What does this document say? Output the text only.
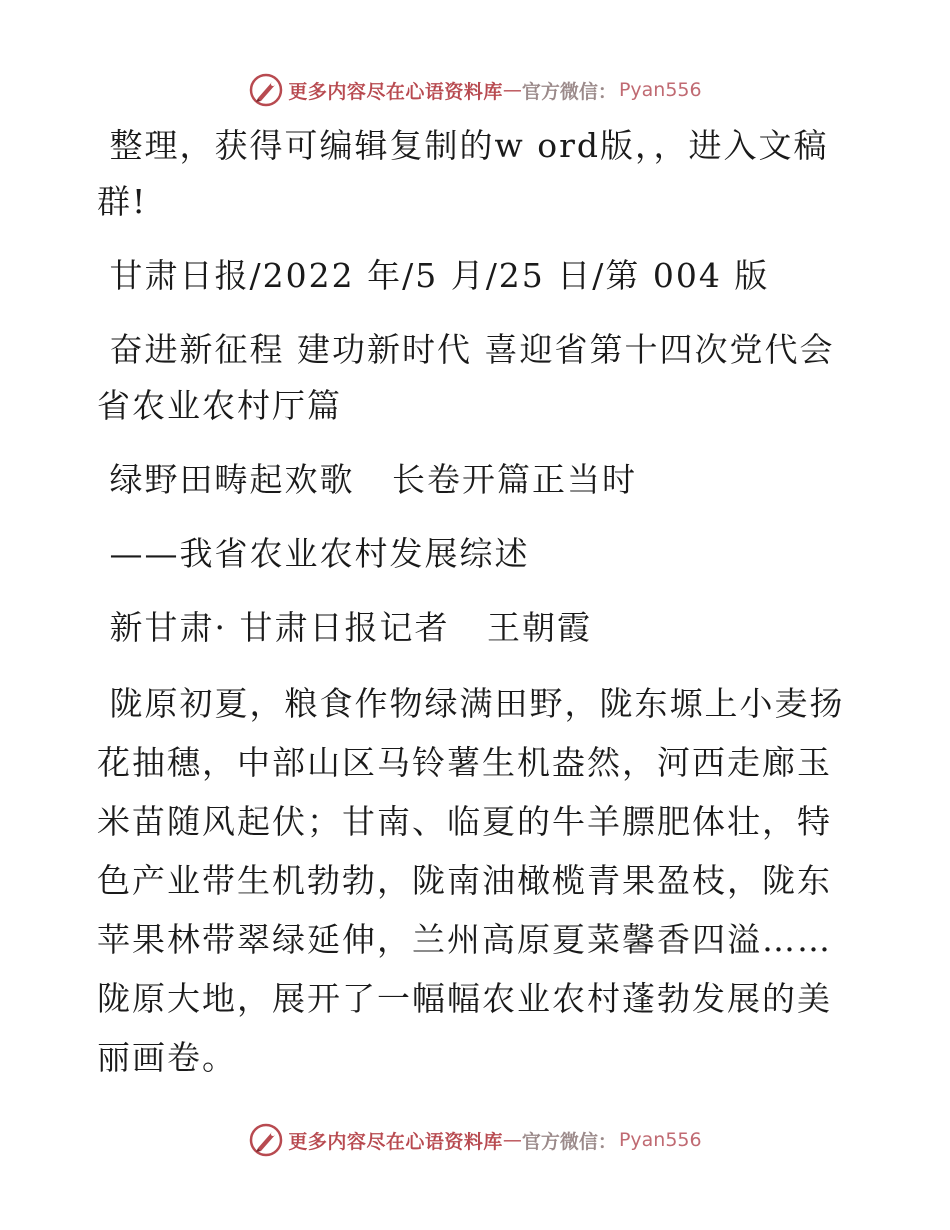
更多内容尽在心语资料库 — 官方微信： Pyan556

整理，获得可编辑复制的w ord版，，进入文稿群!

甘肃日报/2022 年/5 月/25 日/第 004 版

奋进新征程 建功新时代 喜迎省第十四次党代会省农业农村厅篇

绿野田畴起欢歌   长卷开篇正当时

——我省农业农村发展综述

新甘肃· 甘肃日报记者   王朝霞

陇原初夏，粮食作物绿满田野，陇东塬上小麦扬花抽穗，中部山区马铃薯生机盎然，河西走廊玉米苗随风起伏；甘南、临夏的牛羊膘肥体壮，特色产业带生机勃勃，陇南油橄榄青果盈枝，陇东苹果林带翠绿延伸，兰州高原夏菜馨香四溢……陇原大地，展开了一幅幅农业农村蓬勃发展的美丽画卷。

更多内容尽在心语资料库 — 官方微信： Pyan556
